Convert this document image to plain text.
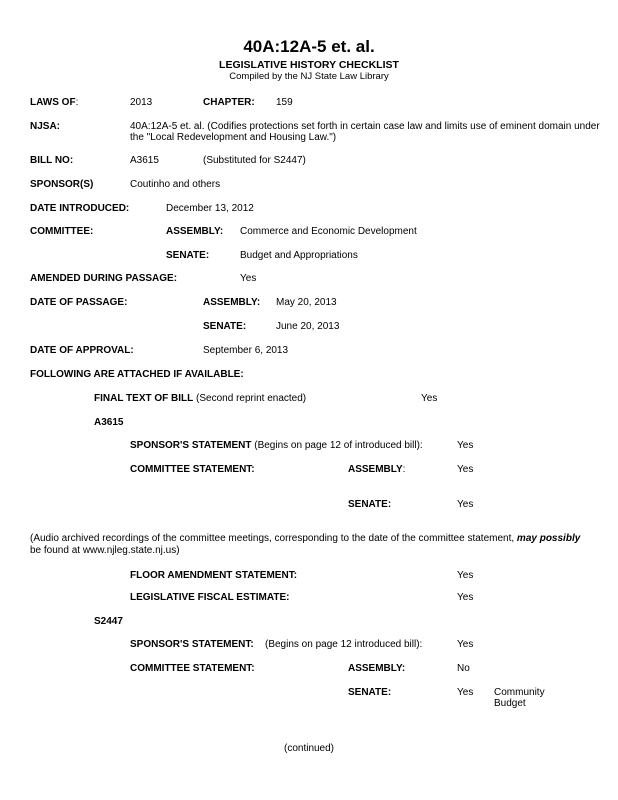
40A:12A-5 et. al.
LEGISLATIVE HISTORY CHECKLIST
Compiled by the NJ State Law Library
LAWS OF:	2013	CHAPTER: 159
NJSA:	40A:12A-5 et. al. (Codifies protections set forth in certain case law and limits use of eminent domain under
the "Local Redevelopment and Housing Law.")
BILL NO:	A3615	(Substituted for S2447)
SPONSOR(S)	Coutinho and others
DATE INTRODUCED:	December 13, 2012
COMMITTEE:	ASSEMBLY: Commerce and Economic Development
SENATE:	Budget and Appropriations
AMENDED DURING PASSAGE:	Yes
DATE OF PASSAGE:	ASSEMBLY: May 20, 2013
SENATE:	June 20, 2013
DATE OF APPROVAL:	September 6, 2013
FOLLOWING ARE ATTACHED IF AVAILABLE:
FINAL TEXT OF BILL (Second reprint enacted)	Yes
A3615
SPONSOR'S STATEMENT (Begins on page 12 of introduced bill):	Yes
COMMITTEE STATEMENT:	ASSEMBLY:	Yes
SENATE:	Yes
(Audio archived recordings of the committee meetings, corresponding to the date of the committee statement, may possibly
be found at www.njleg.state.nj.us)
FLOOR AMENDMENT STATEMENT:	Yes
LEGISLATIVE FISCAL ESTIMATE:	Yes
S2447
SPONSOR'S STATEMENT: (Begins on page 12 introduced bill):	Yes
COMMITTEE STATEMENT:	ASSEMBLY:	No
SENATE:	Yes Community
Budget
(continued)
